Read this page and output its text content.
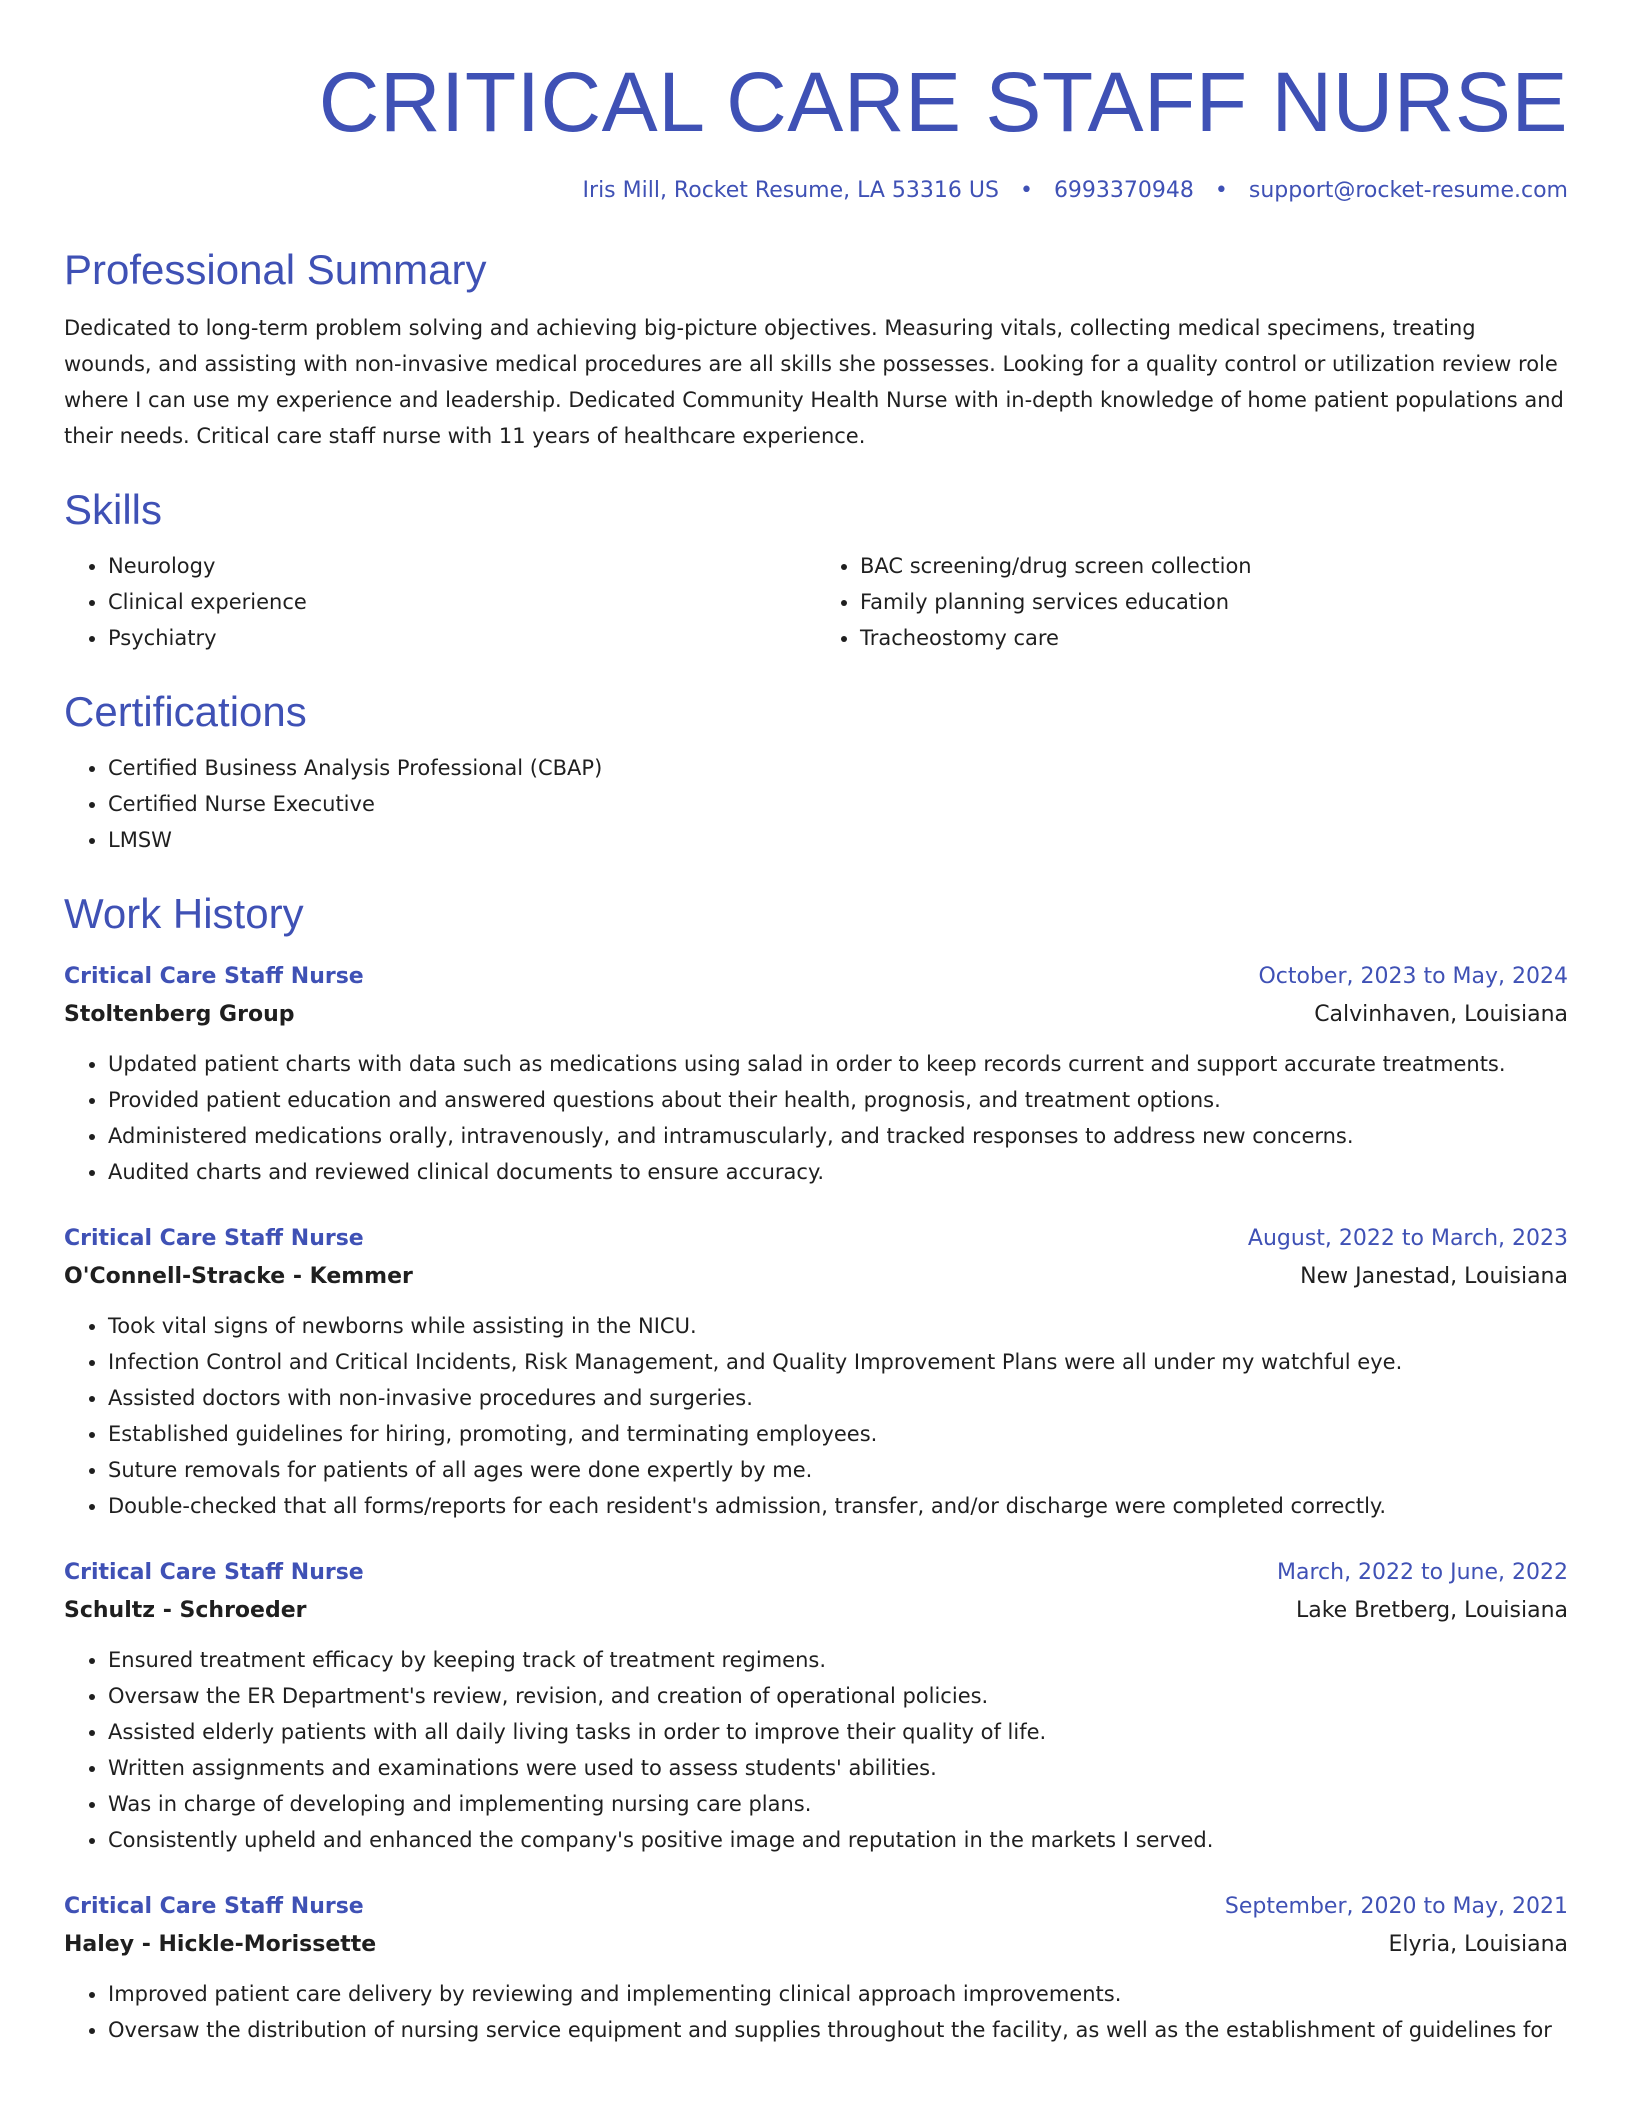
CRITICAL CARE STAFF NURSE
Iris Mill, Rocket Resume, LA 53316 US • 6993370948 • support@rocket-resume.com
Professional Summary

Dedicated to long-term problem solving and achieving big-picture objectives. Measuring vitals, collecting medical specimens, treating wounds, and assisting with non-invasive medical procedures are all skills she possesses. Looking for a quality control or utilization review role where I can use my experience and leadership. Dedicated Community Health Nurse with in-depth knowledge of home patient populations and their needs. Critical care staff nurse with 11 years of healthcare experience.

Skills
• Neurology
• Clinical experience
• Psychiatry
• BAC screening/drug screen collection
• Family planning services education
• Tracheostomy care
Certifications
• Certified Business Analysis Professional (CBAP)
• Certified Nurse Executive
• LMSW
Work History
Critical Care Staff Nurse	October, 2023 to May, 2024
Stoltenberg Group	Calvinhaven, Louisiana
• Updated patient charts with data such as medications using salad in order to keep records current and support accurate treatments.
• Provided patient education and answered questions about their health, prognosis, and treatment options.
• Administered medications orally, intravenously, and intramuscularly, and tracked responses to address new concerns.
• Audited charts and reviewed clinical documents to ensure accuracy.
Critical Care Staff Nurse	August, 2022 to March, 2023
O'Connell-Stracke - Kemmer	New Janestad, Louisiana
• Took vital signs of newborns while assisting in the NICU.
• Infection Control and Critical Incidents, Risk Management, and Quality Improvement Plans were all under my watchful eye.
• Assisted doctors with non-invasive procedures and surgeries.
• Established guidelines for hiring, promoting, and terminating employees.
• Suture removals for patients of all ages were done expertly by me.
• Double-checked that all forms/reports for each resident's admission, transfer, and/or discharge were completed correctly.
Critical Care Staff Nurse	March, 2022 to June, 2022
Schultz - Schroeder	Lake Bretberg, Louisiana
• Ensured treatment efficacy by keeping track of treatment regimens.
• Oversaw the ER Department's review, revision, and creation of operational policies.
• Assisted elderly patients with all daily living tasks in order to improve their quality of life.
• Written assignments and examinations were used to assess students' abilities.
• Was in charge of developing and implementing nursing care plans.
• Consistently upheld and enhanced the company's positive image and reputation in the markets I served.
Critical Care Staff Nurse	September, 2020 to May, 2021
Haley - Hickle-Morissette	Elyria, Louisiana
• Improved patient care delivery by reviewing and implementing clinical approach improvements.
• Oversaw the distribution of nursing service equipment and supplies throughout the facility, as well as the establishment of guidelines for
